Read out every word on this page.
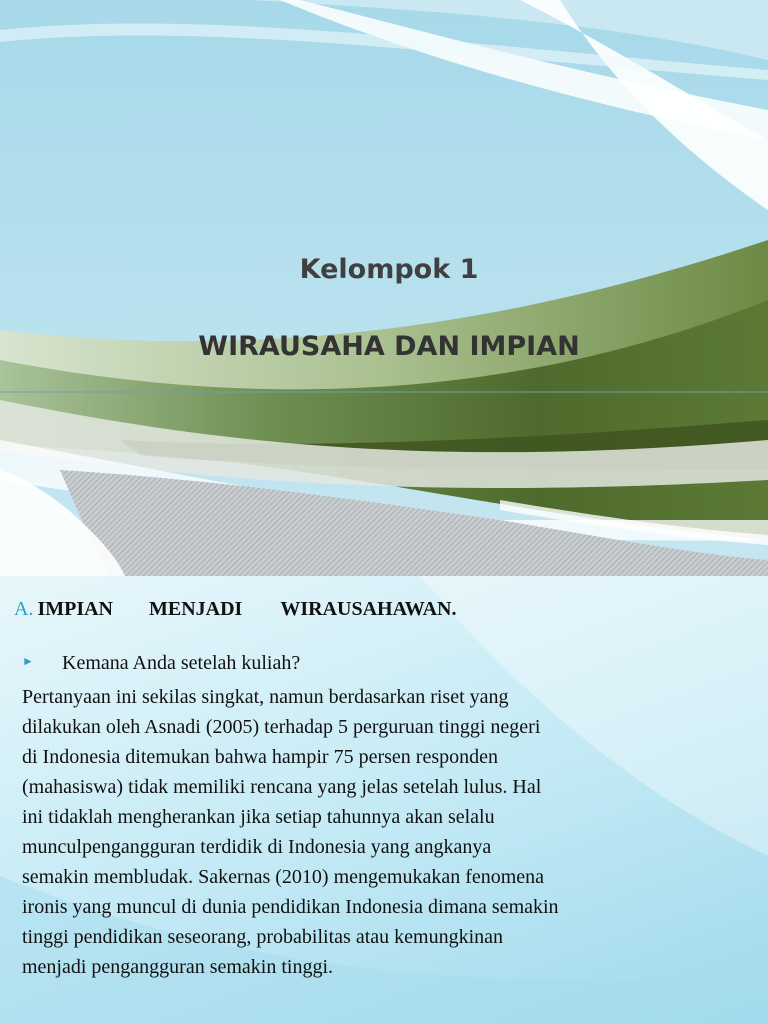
Kelompok 1
WIRAUSAHA DAN IMPIAN
A. IMPIAN MENJADI WIRAUSAHAWAN.
► Kemana Anda setelah kuliah?

Pertanyaan ini sekilas singkat, namun berdasarkan riset yang
dilakukan oleh Asnadi (2005) terhadap 5 perguruan tinggi negeri
di Indonesia ditemukan bahwa hampir 75 persen responden
(mahasiswa) tidak memiliki rencana yang jelas setelah lulus. Hal
ini tidaklah mengherankan jika setiap tahunnya akan selalu
munculpengangguran terdidik di Indonesia yang angkanya
semakin membludak. Sakernas (2010) mengemukakan fenomena
ironis yang muncul di dunia pendidikan Indonesia dimana semakin
tinggi pendidikan seseorang, probabilitas atau kemungkinan
menjadi pengangguran semakin tinggi.
